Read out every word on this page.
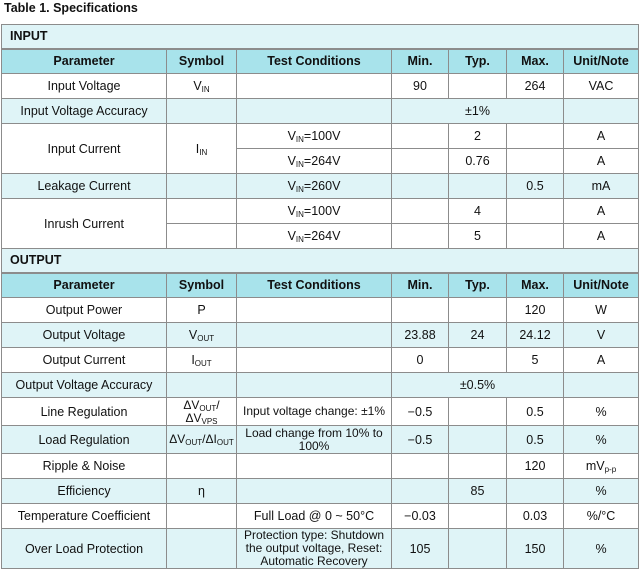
Table 1. Specifications
INPUT						
Parameter	Symbol	Test Conditions	Min.	Typ.	Max.	Unit/Note
Input Voltage	$V_{IN}$		90		264	VAC
Input Voltage Accuracy			±1%			
Input Current	$I_{IN}$	$V_{IN}=100V$		2		A
		$V_{IN}=264V$		0.76		A
Leakage Current		$V_{IN}=260V$			0.5	mA
Inrush Current		$V_{IN}=100V$		4		A
		$V_{IN}=264V$		5		A
OUTPUT						
Parameter	Symbol	Test Conditions	Min.	Typ.	Max.	Unit/Note
Output Power	P				120	W
Output Voltage	$V_{OUT}$		23.88	24	24.12	V
Output Current	$I_{OUT}$		0		5	A
Output Voltage Accuracy			±0.5%			
Line Regulation	$\Delta V_{OUT}/\Delta V_{VPS}$	Input voltage change: ±1%	−0.5		0.5	%
Load Regulation	$\Delta V_{OUT}/\Delta I_{OUT}$	Load change from 10% to 100%	−0.5		0.5	%
Ripple & Noise					120	$mV_{p-p}$
Efficiency	η			85		%
Temperature Coefficient		Full Load @ 0 ~ 50°C	−0.03		0.03	%/°C
Over Load Protection		Protection type: Shutdown the output voltage, Reset: Automatic Recovery	105		150	%
